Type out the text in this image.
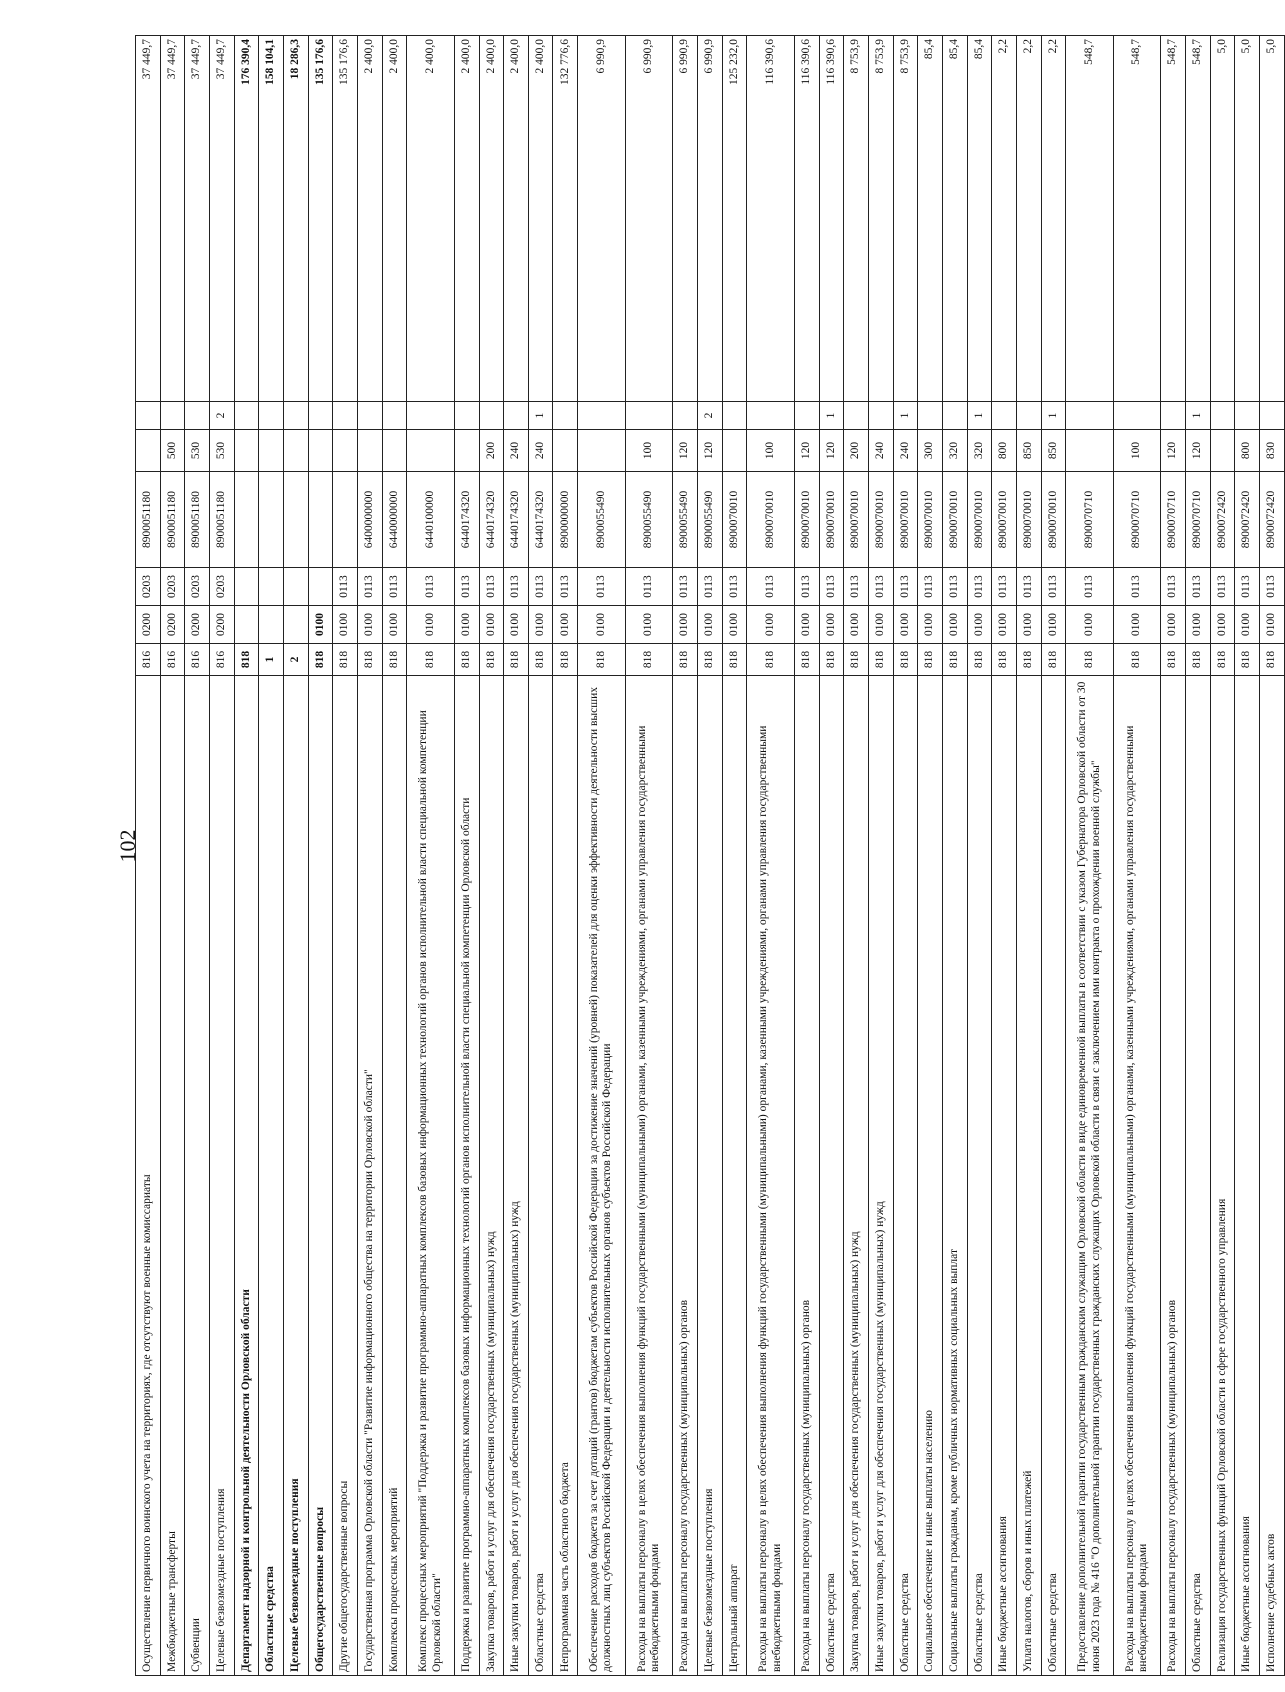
102
Осуществление первичного воинского учета на территориях, где отсутствуют военные комиссариаты	816	0200	0203	8900051180			37 449,7
Межбюджетные трансферты	816	0200	0203	8900051180	500		37 449,7
Субвенции	816	0200	0203	8900051180	530		37 449,7
Целевые безвозмездные поступления	816	0200	0203	8900051180	530	2	37 449,7
Департамент надзорной и контрольной деятельности Орловской области	818						176 390,4
Областные средства	1						158 104,1
Целевые безвозмездные поступления	2						18 286,3
Общегосударственные вопросы	818	0100					135 176,6
Другие общегосударственные вопросы	818	0100	0113				135 176,6
Государственная программа Орловской области "Развитие информационного общества на территории Орловской области"	818	0100	0113	6400000000			2 400,0
Комплексы процессных мероприятий	818	0100	0113	6440000000			2 400,0
Комплекс процессных мероприятий "Поддержка и развитие программно-аппаратных комплексов базовых информационных технологий органов исполнительной власти специальной компетенции Орловской области"	818	0100	0113	6440100000			2 400,0
Поддержка и развитие программно-аппаратных комплексов базовых информационных технологий органов исполнительной власти специальной компетенции Орловской области	818	0100	0113	6440174320			2 400,0
Закупка товаров, работ и услуг для обеспечения государственных (муниципальных) нужд	818	0100	0113	6440174320	200		2 400,0
Иные закупки товаров, работ и услуг для обеспечения государственных (муниципальных) нужд	818	0100	0113	6440174320	240		2 400,0
Областные средства	818	0100	0113	6440174320	240	1	2 400,0
Непрограммная часть областного бюджета	818	0100	0113	8900000000			132 776,6
Обеспечение расходов бюджета за счет дотаций (грантов) бюджетам субъектов Российской Федерации за достижение значений (уровней) показателей для оценки эффективности деятельности высших должностных лиц субъектов Российской Федерации и деятельности исполнительных органов субъектов Российской Федерации	818	0100	0113	8900055490			6 990,9
Расходы на выплаты персоналу в целях обеспечения выполнения функций государственными (муниципальными) органами, казенными учреждениями, органами управления государственными внебюджетными фондами	818	0100	0113	8900055490	100		6 990,9
Расходы на выплаты персоналу государственных (муниципальных) органов	818	0100	0113	8900055490	120		6 990,9
Целевые безвозмездные поступления	818	0100	0113	8900055490	120	2	6 990,9
Центральный аппарат	818	0100	0113	8900070010			125 232,0
Расходы на выплаты персоналу в целях обеспечения выполнения функций государственными (муниципальными) органами, казенными учреждениями, органами управления государственными внебюджетными фондами	818	0100	0113	8900070010	100		116 390,6
Расходы на выплаты персоналу государственных (муниципальных) органов	818	0100	0113	8900070010	120		116 390,6
Областные средства	818	0100	0113	8900070010	120	1	116 390,6
Закупка товаров, работ и услуг для обеспечения государственных (муниципальных) нужд	818	0100	0113	8900070010	200		8 753,9
Иные закупки товаров, работ и услуг для обеспечения государственных (муниципальных) нужд	818	0100	0113	8900070010	240		8 753,9
Областные средства	818	0100	0113	8900070010	240	1	8 753,9
Социальное обеспечение и иные выплаты населению	818	0100	0113	8900070010	300		85,4
Социальные выплаты гражданам, кроме публичных нормативных социальных выплат	818	0100	0113	8900070010	320		85,4
Областные средства	818	0100	0113	8900070010	320	1	85,4
Иные бюджетные ассигнования	818	0100	0113	8900070010	800		2,2
Уплата налогов, сборов и иных платежей	818	0100	0113	8900070010	850		2,2
Областные средства	818	0100	0113	8900070010	850	1	2,2
Предоставление дополнительной гарантии государственным гражданским служащим Орловской области в виде единовременной выплаты в соответствии с указом Губернатора Орловской области от 30 июня 2023 года № 416 "О дополнительной гарантии государственных гражданских служащих Орловской области в связи с заключением ими контракта о прохождении военной службы"	818	0100	0113	8900070710			548,7
Расходы на выплаты персоналу в целях обеспечения выполнения функций государственными (муниципальными) органами, казенными учреждениями, органами управления государственными внебюджетными фондами	818	0100	0113	8900070710	100		548,7
Расходы на выплаты персоналу государственных (муниципальных) органов	818	0100	0113	8900070710	120		548,7
Областные средства	818	0100	0113	8900070710	120	1	548,7
Реализация государственных функций Орловской области в сфере государственного управления	818	0100	0113	8900072420			5,0
Иные бюджетные ассигнования	818	0100	0113	8900072420	800		5,0
Исполнение судебных актов	818	0100	0113	8900072420	830		5,0
